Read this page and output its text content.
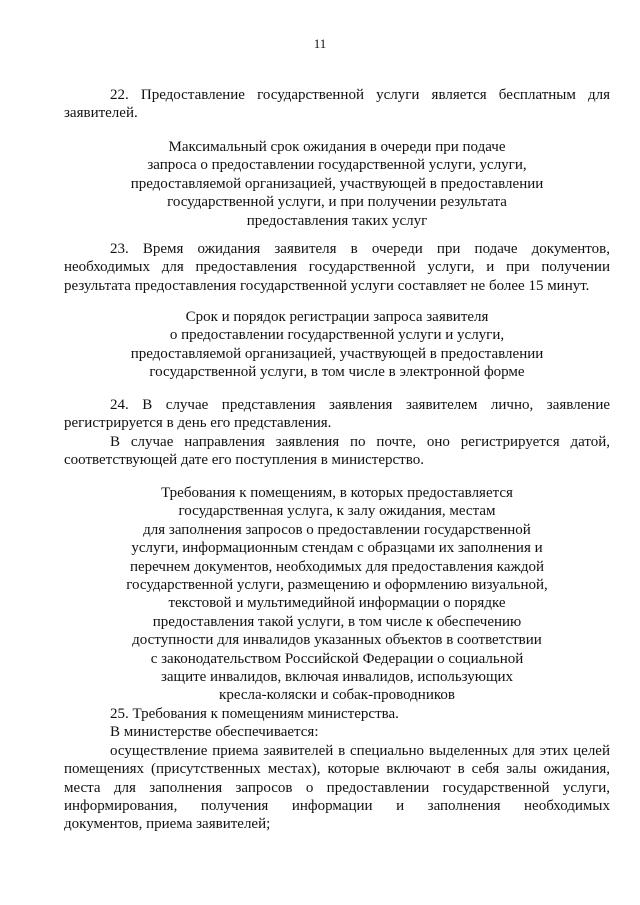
11
22. Предоставление государственной услуги является бесплатным для
заявителей.
Максимальный срок ожидания в очереди при подаче
запроса о предоставлении государственной услуги, услуги,
предоставляемой организацией, участвующей в предоставлении
государственной услуги, и при получении результата
предоставления таких услуг
23. Время ожидания заявителя в очереди при подаче документов,
необходимых для предоставления государственной услуги, и при получении
результата предоставления государственной услуги составляет не более 15 минут.
Срок и порядок регистрации запроса заявителя
о предоставлении государственной услуги и услуги,
предоставляемой организацией, участвующей в предоставлении
государственной услуги, в том числе в электронной форме
24. В случае представления заявления заявителем лично, заявление
регистрируется в день его представления.
В случае направления заявления по почте, оно регистрируется датой,
соответствующей дате его поступления в министерство.
Требования к помещениям, в которых предоставляется
государственная услуга, к залу ожидания, местам
для заполнения запросов о предоставлении государственной
услуги, информационным стендам с образцами их заполнения и
перечнем документов, необходимых для предоставления каждой
государственной услуги, размещению и оформлению визуальной,
текстовой и мультимедийной информации о порядке
предоставления такой услуги, в том числе к обеспечению
доступности для инвалидов указанных объектов в соответствии
с законодательством Российской Федерации о социальной
защите инвалидов, включая инвалидов, использующих
кресла-коляски и собак-проводников
25. Требования к помещениям министерства.
В министерстве обеспечивается:
осуществление приема заявителей в специально выделенных для этих целей
помещениях (присутственных местах), которые включают в себя залы ожидания,
места для заполнения запросов о предоставлении государственной услуги,
информирования, получения информации и заполнения необходимых
документов, приема заявителей;
